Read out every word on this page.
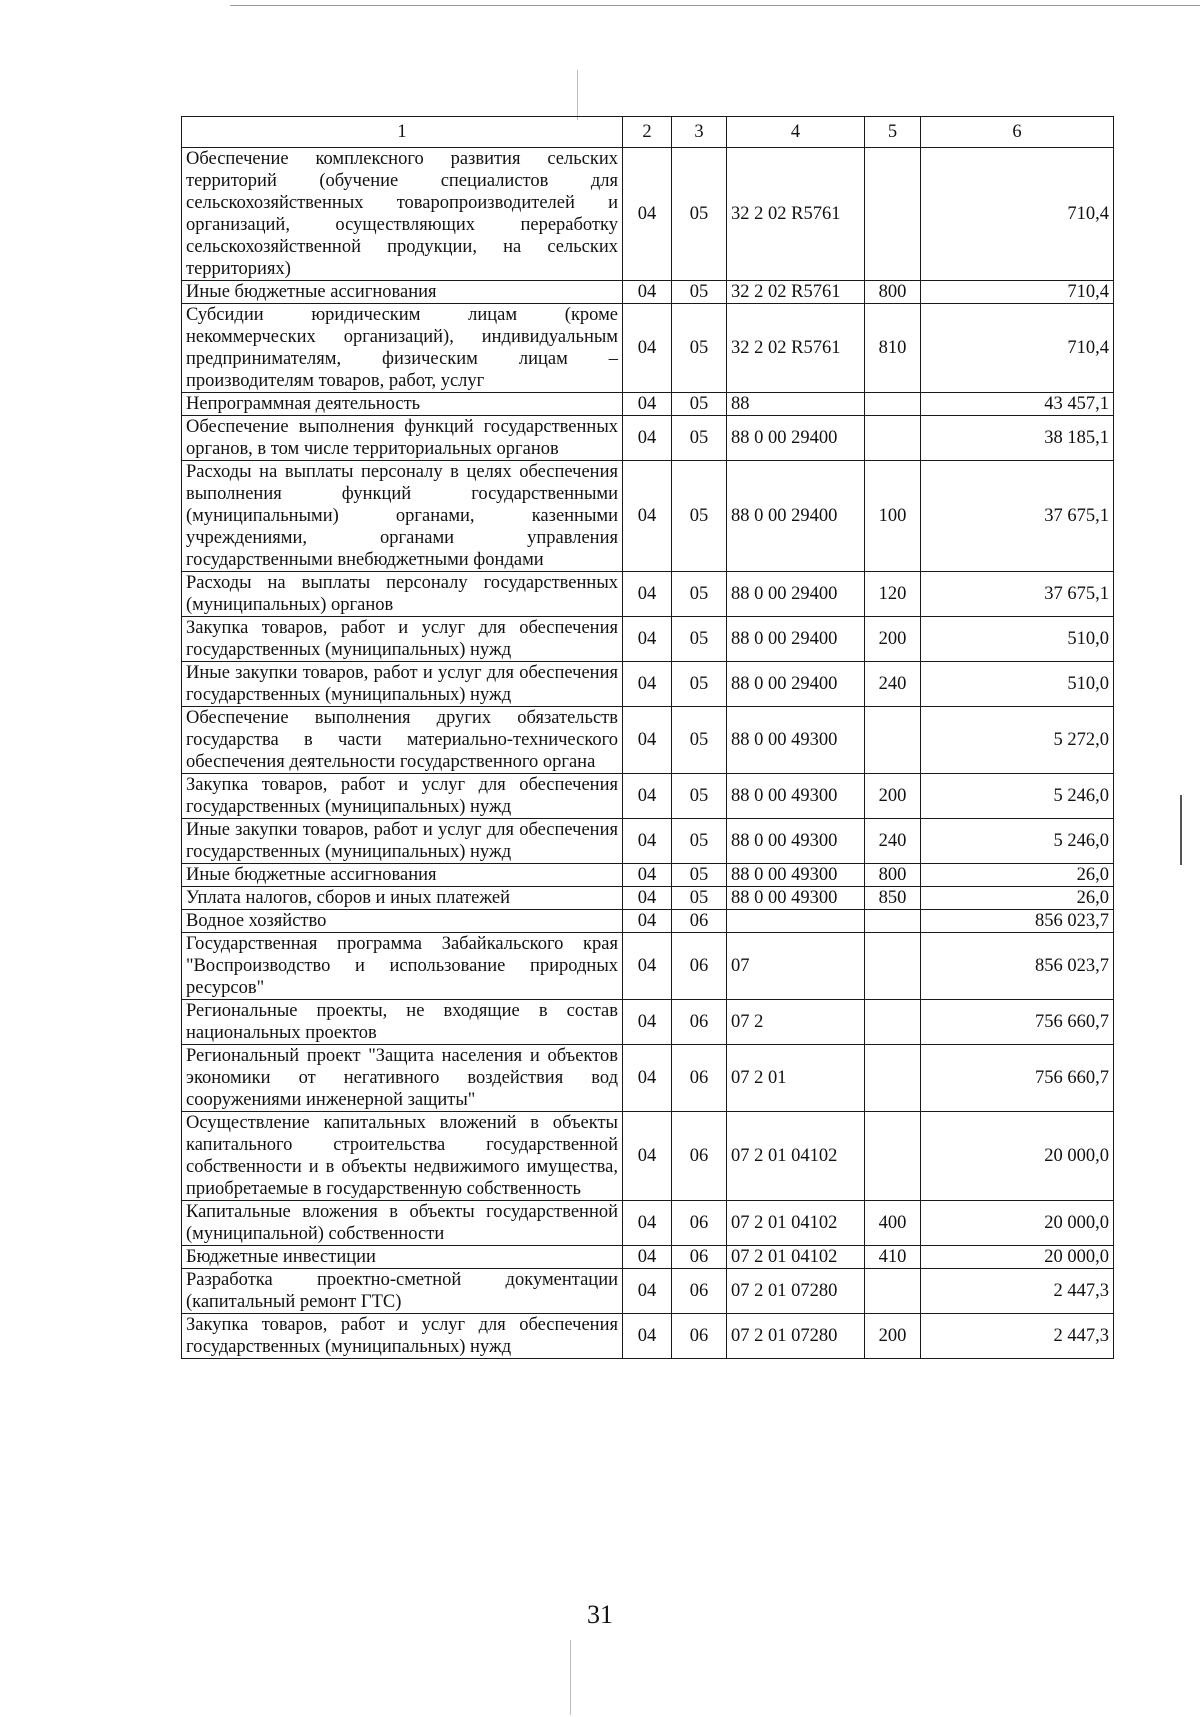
1	2	3	4	5	6
Обеспечение комплексного развития сельских территорий (обучение специалистов для сельскохозяйственных товаропроизводителей и организаций, осуществляющих переработку сельскохозяйственной продукции, на сельских территориях)	04	05	32 2 02 R5761		710,4
Иные бюджетные ассигнования	04	05	32 2 02 R5761	800	710,4
Субсидии юридическим лицам (кроме некоммерческих организаций), индивидуальным предпринимателям, физическим лицам – производителям товаров, работ, услуг	04	05	32 2 02 R5761	810	710,4
Непрограммная деятельность	04	05	88		43 457,1
Обеспечение выполнения функций государственных органов, в том числе территориальных органов	04	05	88 0 00 29400		38 185,1
Расходы на выплаты персоналу в целях обеспечения выполнения функций государственными (муниципальными) органами, казенными учреждениями, органами управления государственными внебюджетными фондами	04	05	88 0 00 29400	100	37 675,1
Расходы на выплаты персоналу государственных (муниципальных) органов	04	05	88 0 00 29400	120	37 675,1
Закупка товаров, работ и услуг для обеспечения государственных (муниципальных) нужд	04	05	88 0 00 29400	200	510,0
Иные закупки товаров, работ и услуг для обеспечения государственных (муниципальных) нужд	04	05	88 0 00 29400	240	510,0
Обеспечение выполнения других обязательств государства в части материально-технического обеспечения деятельности государственного органа	04	05	88 0 00 49300		5 272,0
Закупка товаров, работ и услуг для обеспечения государственных (муниципальных) нужд	04	05	88 0 00 49300	200	5 246,0
Иные закупки товаров, работ и услуг для обеспечения государственных (муниципальных) нужд	04	05	88 0 00 49300	240	5 246,0
Иные бюджетные ассигнования	04	05	88 0 00 49300	800	26,0
Уплата налогов, сборов и иных платежей	04	05	88 0 00 49300	850	26,0
Водное хозяйство	04	06			856 023,7
Государственная программа Забайкальского края "Воспроизводство и использование природных ресурсов"	04	06	07		856 023,7
Региональные проекты, не входящие в состав национальных проектов	04	06	07 2		756 660,7
Региональный проект "Защита населения и объектов экономики от негативного воздействия вод сооружениями инженерной защиты"	04	06	07 2 01		756 660,7
Осуществление капитальных вложений в объекты капитального строительства государственной собственности и в объекты недвижимого имущества, приобретаемые в государственную собственность	04	06	07 2 01 04102		20 000,0
Капитальные вложения в объекты государственной (муниципальной) собственности	04	06	07 2 01 04102	400	20 000,0
Бюджетные инвестиции	04	06	07 2 01 04102	410	20 000,0
Разработка проектно-сметной документации (капитальный ремонт ГТС)	04	06	07 2 01 07280		2 447,3
Закупка товаров, работ и услуг для обеспечения государственных (муниципальных) нужд	04	06	07 2 01 07280	200	2 447,3
31
